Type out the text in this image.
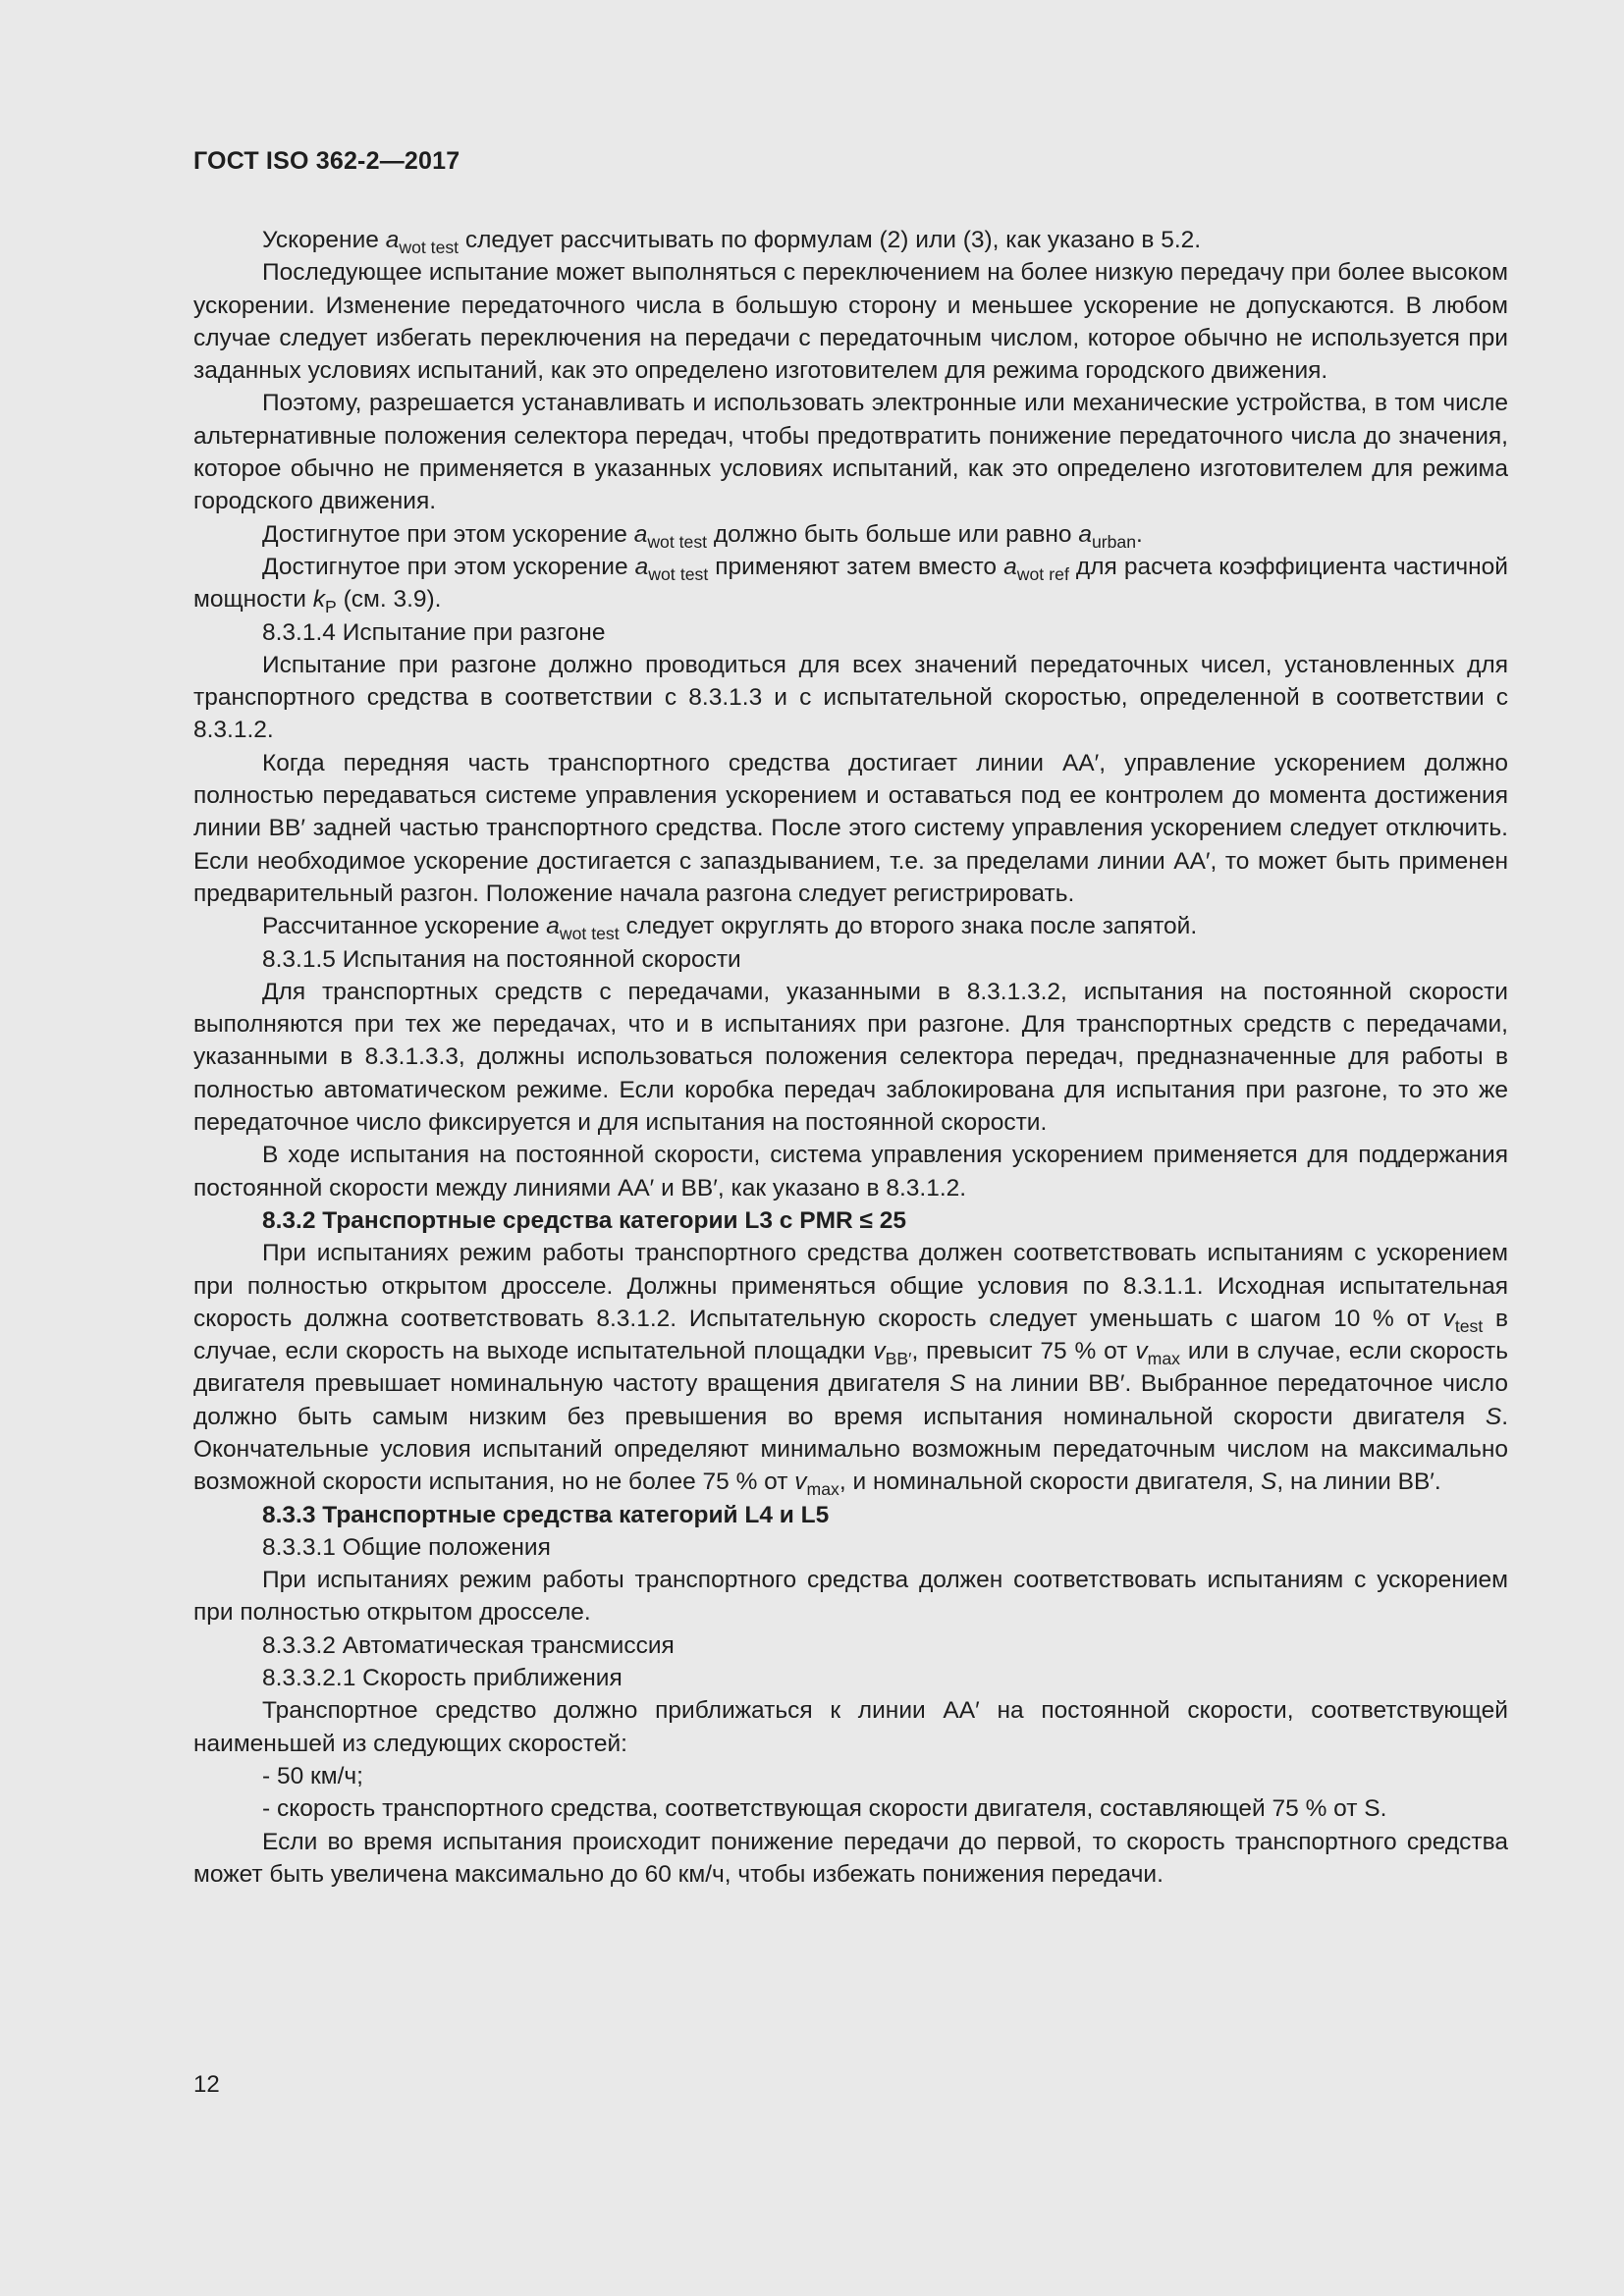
ГОСТ ISO 362-2—2017

Ускорение $a_{wot test}$ следует рассчитывать по формулам (2) или (3), как указано в 5.2.

Последующее испытание может выполняться с переключением на более низкую передачу при более высоком ускорении. Изменение передаточного числа в большую сторону и меньшее ускорение не допускаются. В любом случае следует избегать переключения на передачи с передаточным числом, которое обычно не используется при заданных условиях испытаний, как это определено изготовителем для режима городского движения.

Поэтому, разрешается устанавливать и использовать электронные или механические устройства, в том числе альтернативные положения селектора передач, чтобы предотвратить понижение передаточного числа до значения, которое обычно не применяется в указанных условиях испытаний, как это определено изготовителем для режима городского движения.

Достигнутое при этом ускорение $a_{wot test}$ должно быть больше или равно $a_{urban}$.

Достигнутое при этом ускорение $a_{wot test}$ применяют затем вместо $a_{wot ref}$ для расчета коэффициента частичной мощности $k_P$ (см. 3.9).

8.3.1.4 Испытание при разгоне

Испытание при разгоне должно проводиться для всех значений передаточных чисел, установленных для транспортного средства в соответствии с 8.3.1.3 и с испытательной скоростью, определенной в соответствии с 8.3.1.2.

Когда передняя часть транспортного средства достигает линии AA′, управление ускорением должно полностью передаваться системе управления ускорением и оставаться под ее контролем до момента достижения линии BB′ задней частью транспортного средства. После этого систему управления ускорением следует отключить. Если необходимое ускорение достигается с запаздыванием, т.е. за пределами линии AA′, то может быть применен предварительный разгон. Положение начала разгона следует регистрировать.

Рассчитанное ускорение $a_{wot test}$ следует округлять до второго знака после запятой.

8.3.1.5 Испытания на постоянной скорости

Для транспортных средств с передачами, указанными в 8.3.1.3.2, испытания на постоянной скорости выполняются при тех же передачах, что и в испытаниях при разгоне. Для транспортных средств с передачами, указанными в 8.3.1.3.3, должны использоваться положения селектора передач, предназначенные для работы в полностью автоматическом режиме. Если коробка передач заблокирована для испытания при разгоне, то это же передаточное число фиксируется и для испытания на постоянной скорости.

В ходе испытания на постоянной скорости, система управления ускорением применяется для поддержания постоянной скорости между линиями AA′ и BB′, как указано в 8.3.1.2.

8.3.2 Транспортные средства категории L3 с PMR ≤ 25

При испытаниях режим работы транспортного средства должен соответствовать испытаниям с ускорением при полностью открытом дросселе. Должны применяться общие условия по 8.3.1.1. Исходная испытательная скорость должна соответствовать 8.3.1.2. Испытательную скорость следует уменьшать с шагом 10 % от $v_{test}$ в случае, если скорость на выходе испытательной площадки $v_{BB'}$, превысит 75 % от $v_{max}$ или в случае, если скорость двигателя превышает номинальную частоту вращения двигателя S на линии BB′. Выбранное передаточное число должно быть самым низким без превышения во время испытания номинальной скорости двигателя S. Окончательные условия испытаний определяют минимально возможным передаточным числом на максимально возможной скорости испытания, но не более 75 % от $v_{max}$, и номинальной скорости двигателя, S, на линии BB′.

8.3.3 Транспортные средства категорий L4 и L5

8.3.3.1 Общие положения

При испытаниях режим работы транспортного средства должен соответствовать испытаниям с ускорением при полностью открытом дросселе.

8.3.3.2 Автоматическая трансмиссия

8.3.3.2.1 Скорость приближения

Транспортное средство должно приближаться к линии AA′ на постоянной скорости, соответствующей наименьшей из следующих скоростей:

- 50 км/ч;

- скорость транспортного средства, соответствующая скорости двигателя, составляющей 75 % от S.

Если во время испытания происходит понижение передачи до первой, то скорость транспортного средства может быть увеличена максимально до 60 км/ч, чтобы избежать понижения передачи.

12
